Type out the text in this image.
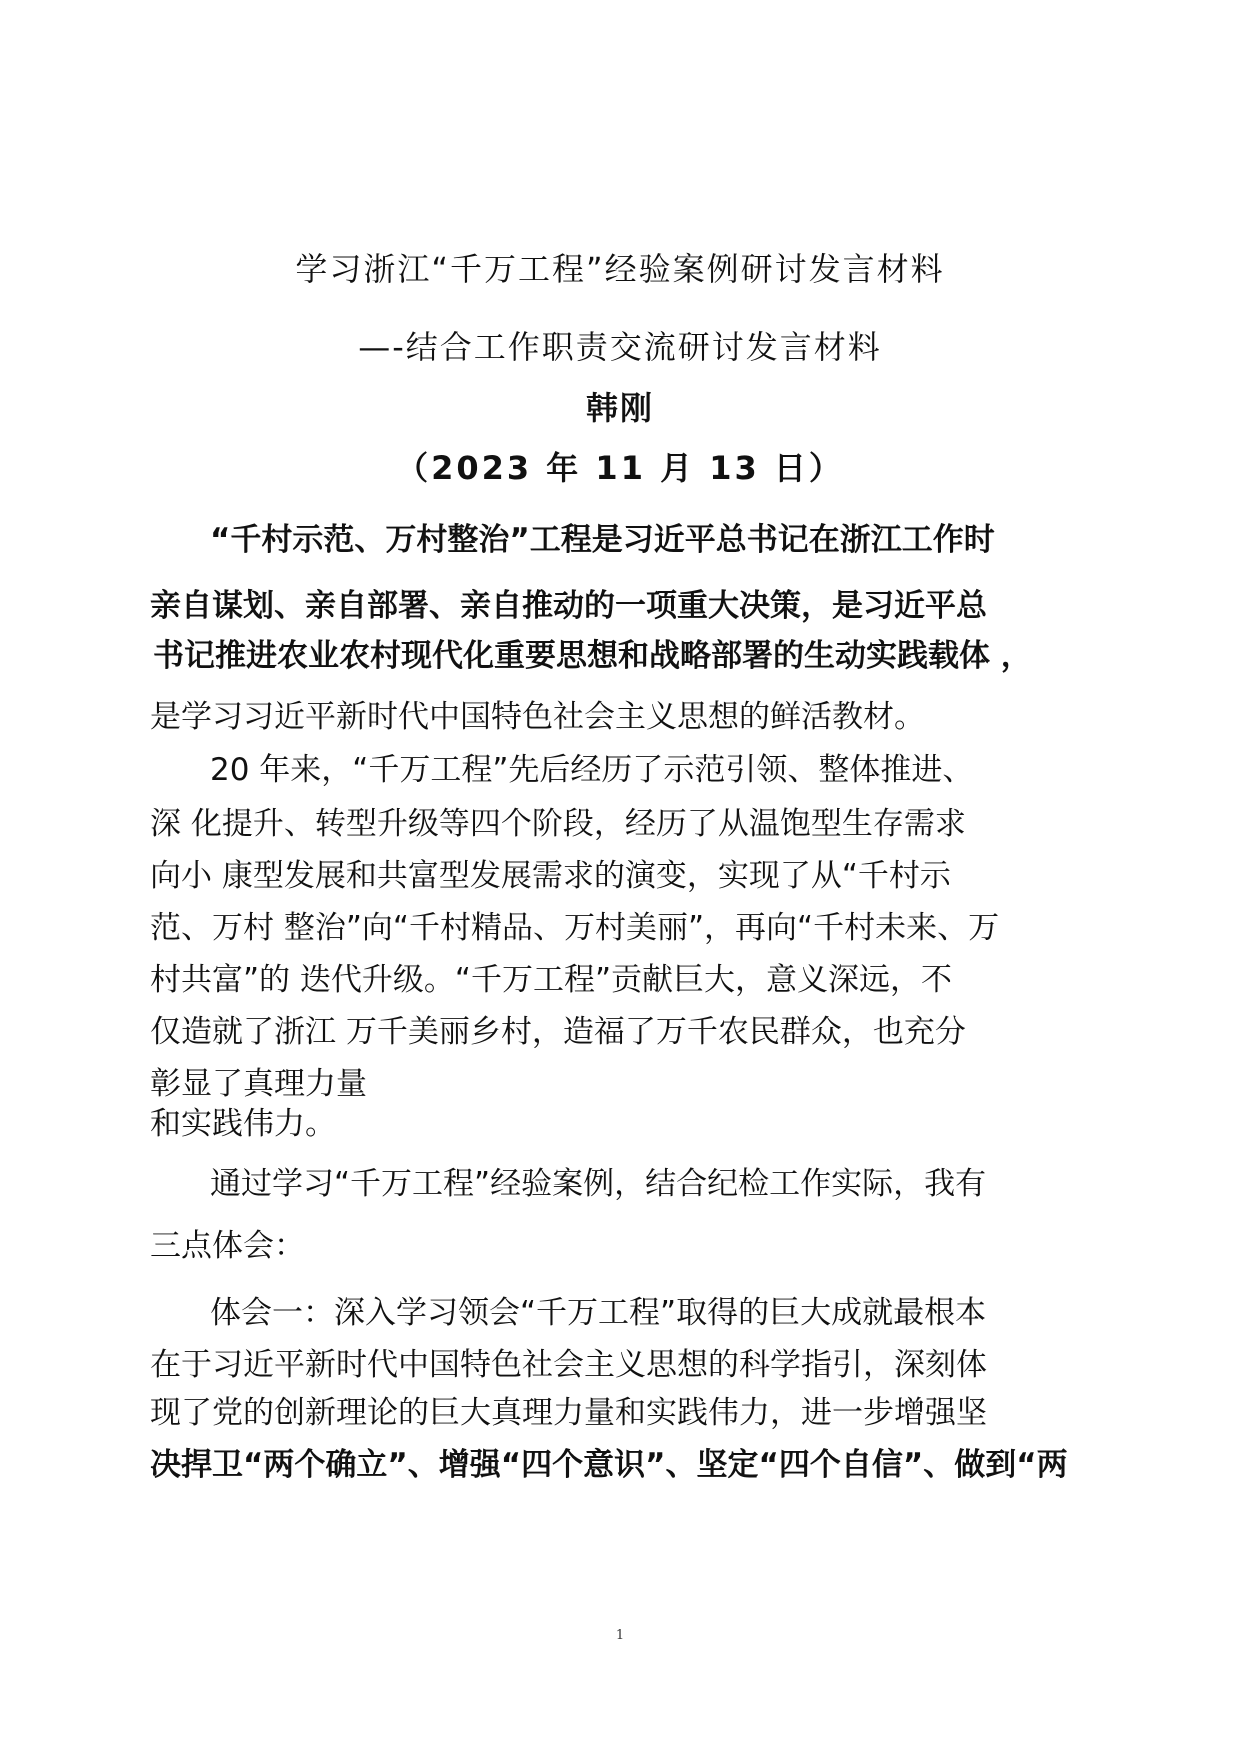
学习浙江“千万工程”经验案例研讨发言材料
—-结合工作职责交流研讨发言材料
韩刚
（2023 年 11 月 13 日）
“千村示范、万村整治”工程是习近平总书记在浙江工作时
亲自谋划、亲自部署、亲自推动的一项重大决策，是习近平总
书记推进农业农村现代化重要思想和战略部署的生动实践载体 ，
是学习习近平新时代中国特色社会主义思想的鲜活教材。
20 年来，“千万工程”先后经历了示范引领、整体推进、
深 化提升、转型升级等四个阶段，经历了从温饱型生存需求
向小 康型发展和共富型发展需求的演变，实现了从“千村示
范、万村 整治”向“千村精品、万村美丽”，再向“千村未来、万
村共富”的 迭代升级。“千万工程”贡献巨大，意义深远，不
仅造就了浙江 万千美丽乡村，造福了万千农民群众，也充分
彰显了真理力量
和实践伟力。
通过学习“千万工程”经验案例，结合纪检工作实际，我有
三点体会：
体会一：深入学习领会“千万工程”取得的巨大成就最根本
在于习近平新时代中国特色社会主义思想的科学指引，深刻体
现了党的创新理论的巨大真理力量和实践伟力，进一步增强坚
决捍卫“两个确立”、增强“四个意识”、坚定“四个自信”、做到“两
1
